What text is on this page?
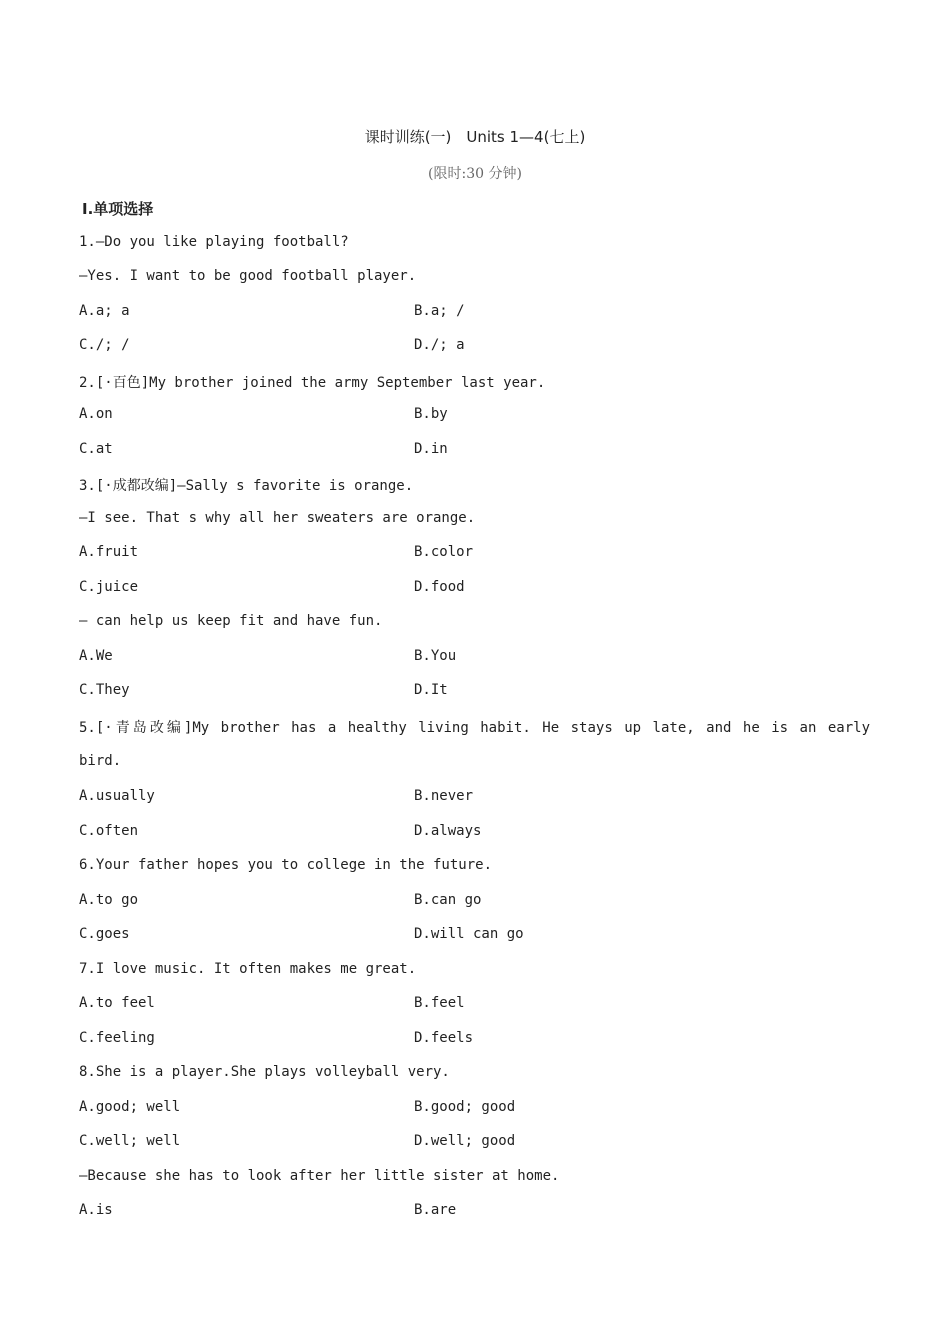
课时训练(一)　Units 1—4(七上)
(限时:30 分钟)
Ⅰ.单项选择
1.—Do you like playing football?
—Yes. I want to be good football player.
A.a; a	B.a; /
C./; /	D./; a
2.[·百色]My brother joined the army September last year.
A.on	B.by
C.at	D.in
3.[·成都改编]—Sally s favorite is orange.
—I see. That s why all her sweaters are orange.
A.fruit	B.color
C.juice	D.food
— can help us keep fit and have fun.
A.We	B.You
C.They	D.It
5.[·青岛改编]My brother has a healthy living habit. He stays up late, and he is an early
bird.
A.usually	B.never
C.often	D.always
6.Your father hopes you to college in the future.
A.to go	B.can go
C.goes	D.will can go
7.I love music. It often makes me great.
A.to feel	B.feel
C.feeling	D.feels
8.She is a player.She plays volleyball very.
A.good; well	B.good; good
C.well; well	D.well; good
—Because she has to look after her little sister at home.
A.is	B.are
